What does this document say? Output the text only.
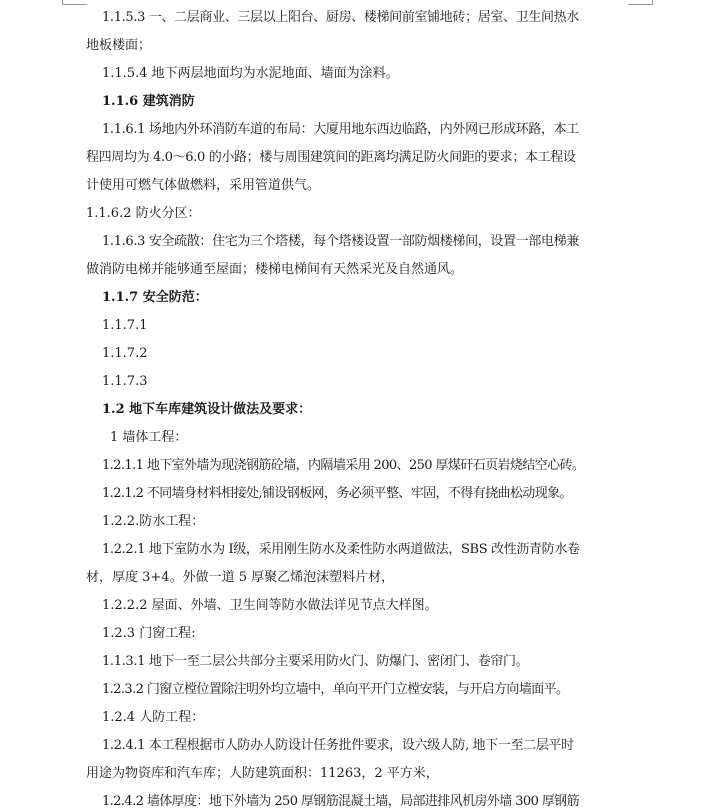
1.1.5.3 一、二层商业、三层以上阳台、厨房、楼梯间前室铺地砖；居室、卫生间热水
地板楼面；
1.1.5.4 地下两层地面均为水泥地面、墙面为涂料。
1.1.6 建筑消防
1.1.6.1 场地内外环消防车道的布局：大厦用地东西边临路，内外网已形成环路，本工
程四周均为 4.0～6.0 的小路；楼与周围建筑间的距离均满足防火间距的要求；本工程设
计使用可燃气体做燃料，采用管道供气。
1.1.6.2 防火分区：
1.1.6.3 安全疏散：住宅为三个塔楼，每个塔楼设置一部防烟楼梯间，设置一部电梯兼
做消防电梯并能够通至屋面；楼梯电梯间有天然采光及自然通风。
1.1.7 安全防范：
1.1.7.1
1.1.7.2
1.1.7.3
1.2 地下车库建筑设计做法及要求：
1 墙体工程：
1.2.1.1 地下室外墙为现浇钢筋砼墙，内隔墙采用 200、250 厚煤矸石页岩烧结空心砖。
1.2.1.2 不同墙身材料相接处,铺设钢板网，务必须平整、牢固，不得有挠曲松动现象。
1.2.2.防水工程：
1.2.2.1 地下室防水为 I级，采用刚生防水及柔性防水两道做法，SBS 改性沥青防水卷
材，厚度 3+4。外做一道 5 厚聚乙烯泡沫塑料片材，
1.2.2.2 屋面、外墙、卫生间等防水做法详见节点大样图。
1.2.3 门窗工程:
1.1.3.1 地下一至二层公共部分主要采用防火门、防爆门、密闭门、卷帘门。
1.2.3.2 门窗立樘位置除注明外均立墙中，单向平开门立樘安装，与开启方向墙面平。
1.2.4 人防工程：
1.2.4.1 本工程根据市人防办人防设计任务批件要求，设六级人防, 地下一至二层平时
用途为物资库和汽车库；人防建筑面积：11263，2 平方米，
1.2.4.2 墙体厚度：地下外墙为 250 厚钢筋混凝土墙，局部进排风机房外墙 300 厚钢筋
